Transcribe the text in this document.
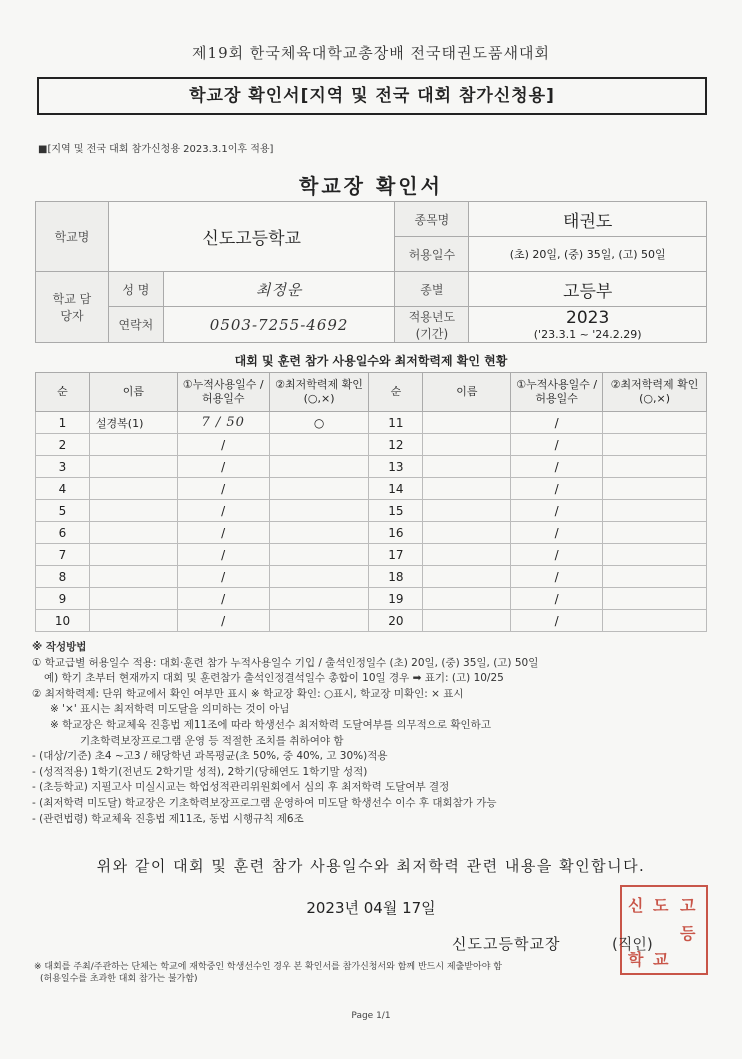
제19회 한국체육대학교총장배 전국태권도품새대회
학교장 확인서[지역 및 전국 대회 참가신청용]
■[지역 및 전국 대회 참가신청용 2023.3.1이후 적용]
학교장 확인서
학교명	신도고등학교		종목명	태권도
			허용일수	(초) 20일, (중) 35일, (고) 50일
학교 담당자	성 명	최정운	종별	고등부
	연락처	0503-7255-4692	적용년도 (기간)	2023
('23.3.1 ~ '24.2.29)
대회 및 훈련 참가 사용일수와 최저학력제 확인 현황
순	이름	①누적사용일수 /허용일수	②최저학력제 확인(○,×)	순	이름	①누적사용일수 /허용일수	②최저학력제 확인(○,×)
1	설경복(1)	7 / 50	○	11		/	
2		/		12		/	
3		/		13		/	
4		/		14		/	
5		/		15		/	
6		/		16		/	
7		/		17		/	
8		/		18		/	
9		/		19		/	
10		/		20		/	
※ 작성방법
① 학교급별 허용일수 적용: 대회·훈련 참가 누적사용일수 기입 / 출석인정일수 (초) 20일, (중) 35일, (고) 50일
예) 학기 초부터 현재까지 대회 및 훈련참가 출석인정결석일수 총합이 10일 경우 ➡ 표기: (고) 10/25
② 최저학력제: 단위 학교에서 확인 여부만 표시 ※ 학교장 확인: ○표시, 학교장 미확인: × 표시
※ '×' 표시는 최저학력 미도달을 의미하는 것이 아님
※ 학교장은 학교체육 진흥법 제11조에 따라 학생선수 최저학력 도달여부를 의무적으로 확인하고
기초학력보장프로그램 운영 등 적절한 조치를 취하여야 함
- (대상/기준) 초4 ~고3 / 해당학년 과목평균(초 50%, 중 40%, 고 30%)적용
- (성적적용) 1학기(전년도 2학기말 성적), 2학기(당해연도 1학기말 성적)
- (초등학교) 지필고사 미실시교는 학업성적관리위원회에서 심의 후 최저학력 도달여부 결정
- (최저학력 미도달) 학교장은 기초학력보장프로그램 운영하여 미도달 학생선수 이수 후 대회참가 가능
- (관련법령) 학교체육 진흥법 제11조, 동법 시행규칙 제6조
위와 같이 대회 및 훈련 참가 사용일수와 최저학력 관련 내용을 확인합니다.
2023년 04월 17일
신도고등학교장
신 도 고
등
학 교
(직인)
※ 대회를 주최/주관하는 단체는 학교에 재학중인 학생선수인 경우 본 확인서를 참가신청서와 함께 반드시 제출받아야 함
(허용일수를 초과한 대회 참가는 불가함)
Page 1/1
